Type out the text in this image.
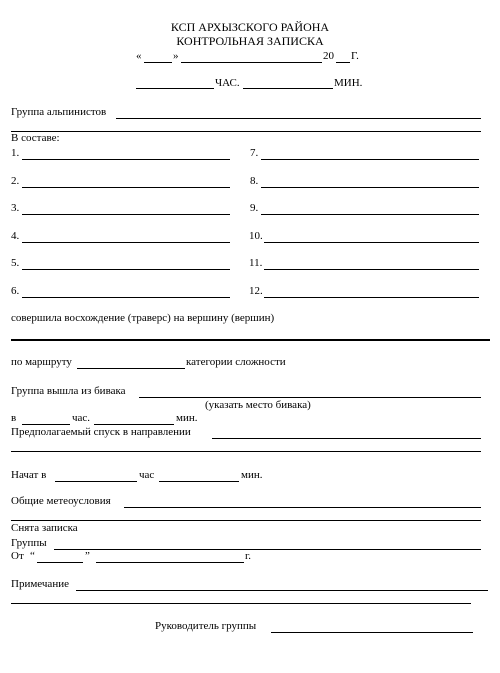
КСП АРХЫЗСКОГО РАЙОНА
КОНТРОЛЬНАЯ ЗАПИСКА
«	»	20 Г.
ЧАС.	МИН.
Группа альпинистов
В составе:
1.
2.
3.
4.
5.
6.
7.
8.
9.
10.
11.
12.
совершила восхождение (траверс) на вершину (вершин)
по маршруту	категории сложности
Группа вышла из бивака
(указать место бивака)
в	час.	мин.
Предполагаемый спуск в направлении
Начат в	час	мин.
Общие метеоусловия
Снята записка
Группы
От “	”	г.
Примечание
Руководитель группы
